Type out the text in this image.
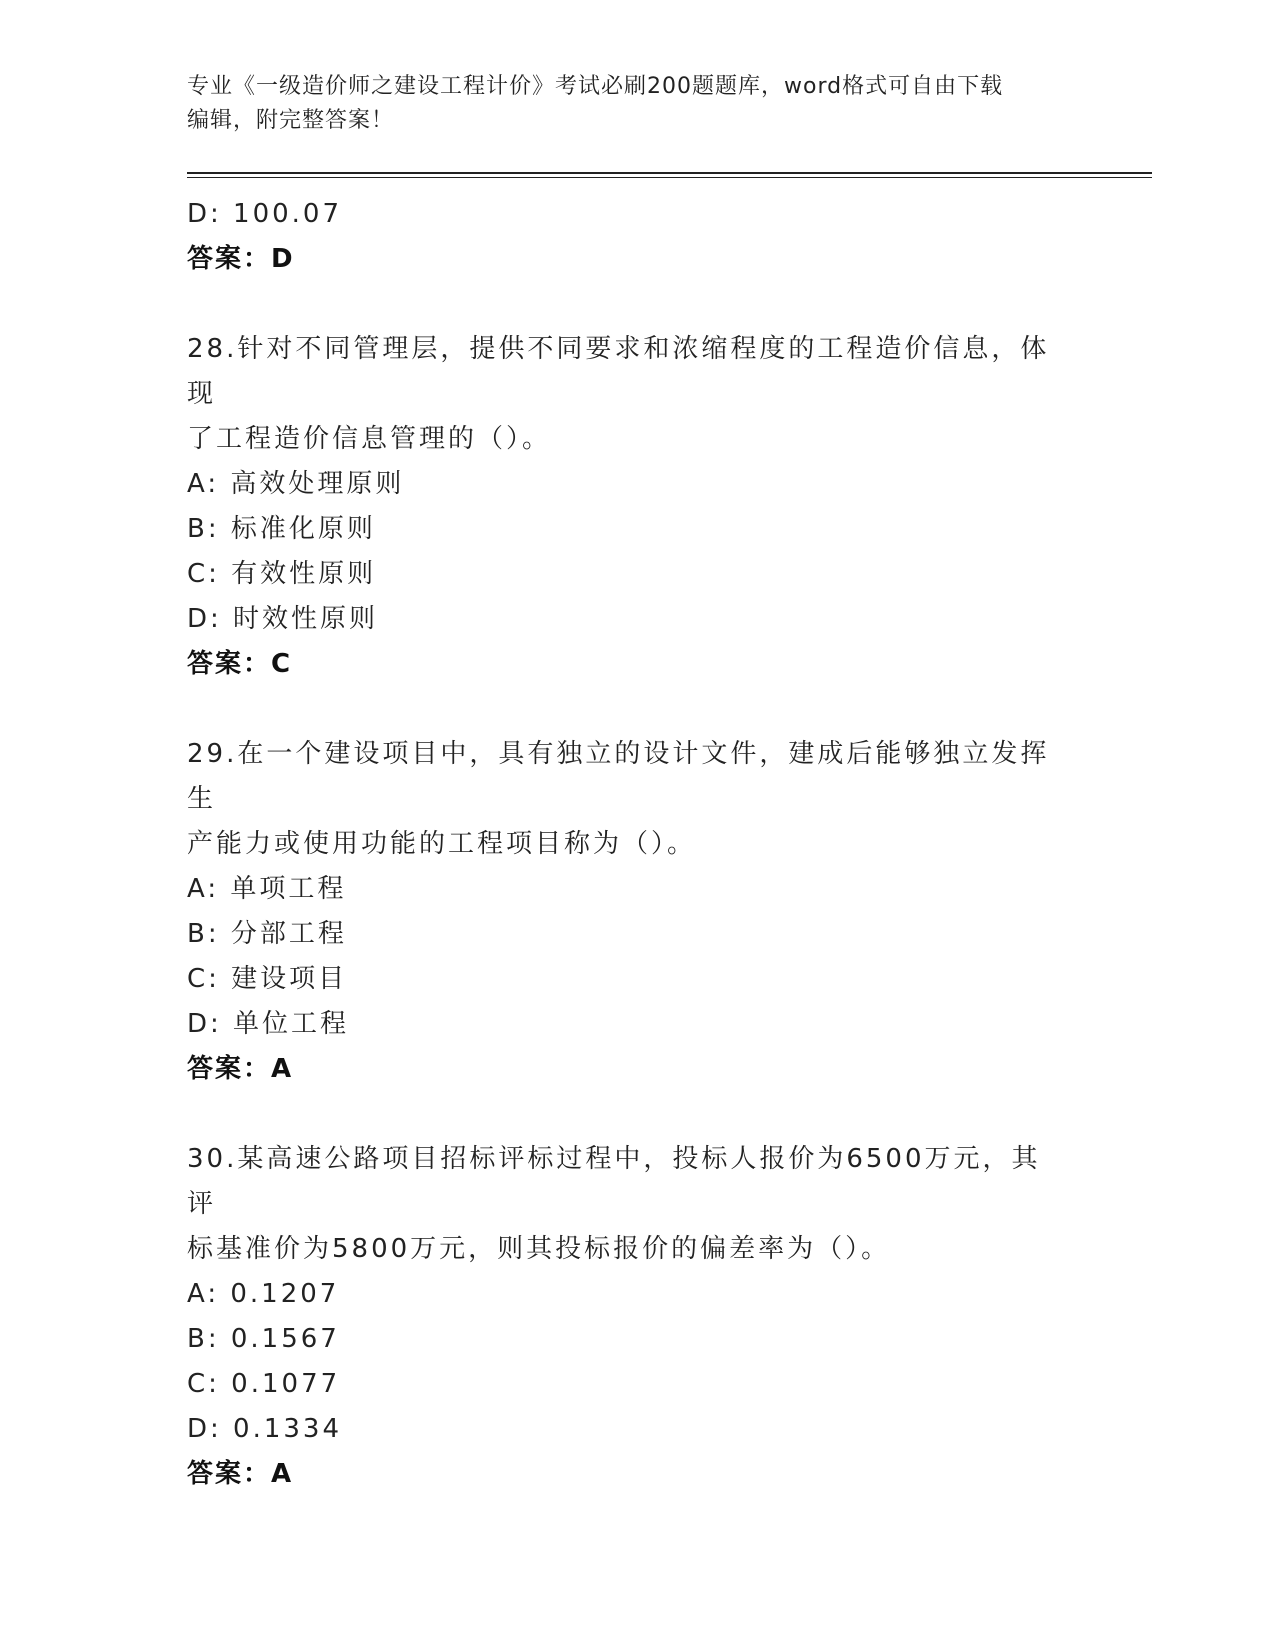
专业《一级造价师之建设工程计价》考试必刷200题题库，word格式可自由下载
编辑，附完整答案！
D: 100.07
答案：D
28.针对不同管理层，提供不同要求和浓缩程度的工程造价信息，体现
了工程造价信息管理的（）。
A: 高效处理原则
B: 标准化原则
C: 有效性原则
D: 时效性原则
答案：C
29.在一个建设项目中，具有独立的设计文件，建成后能够独立发挥生
产能力或使用功能的工程项目称为（）。
A: 单项工程
B: 分部工程
C: 建设项目
D: 单位工程
答案：A
30.某高速公路项目招标评标过程中，投标人报价为6500万元，其评
标基准价为5800万元，则其投标报价的偏差率为（）。
A: 0.1207
B: 0.1567
C: 0.1077
D: 0.1334
答案：A
